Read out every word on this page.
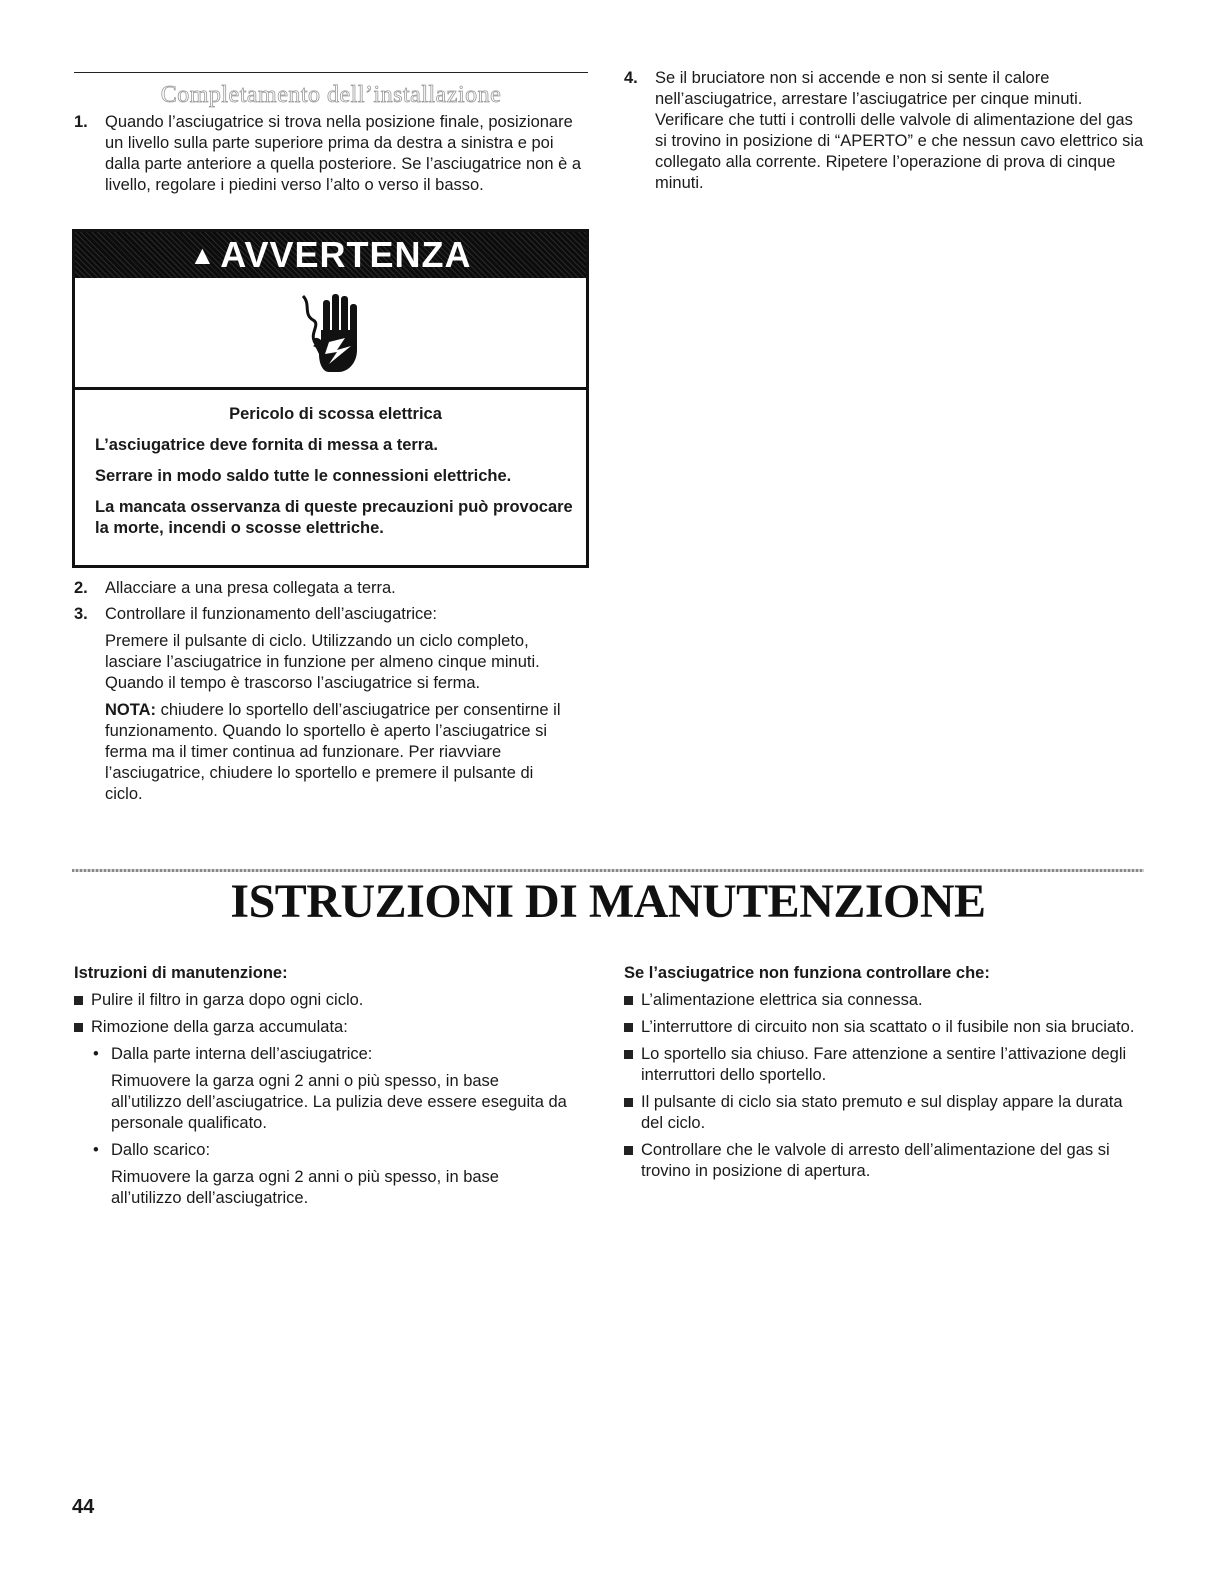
Completamento dell’installazione
1. Quando l’asciugatrice si trova nella posizione finale, posizionare un livello sulla parte superiore prima da destra a sinistra e poi dalla parte anteriore a quella posteriore. Se l’asciugatrice non è a livello, regolare i piedini verso l’alto o verso il basso.

▲ AVVERTENZA

Pericolo di scossa elettrica

L’asciugatrice deve fornita di messa a terra.

Serrare in modo saldo tutte le connessioni elettriche.

La mancata osservanza di queste precauzioni può provocare la morte, incendi o scosse elettriche.

2. Allacciare a una presa collegata a terra.

3. Controllare il funzionamento dell’asciugatrice:

Premere il pulsante di ciclo. Utilizzando un ciclo completo, lasciare l’asciugatrice in funzione per almeno cinque minuti. Quando il tempo è trascorso l’asciugatrice si ferma.

NOTA: chiudere lo sportello dell’asciugatrice per consentirne il funzionamento. Quando lo sportello è aperto l’asciugatrice si ferma ma il timer continua ad funzionare. Per riavviare l’asciugatrice, chiudere lo sportello e premere il pulsante di ciclo.

4. Se il bruciatore non si accende e non si sente il calore nell’asciugatrice, arrestare l’asciugatrice per cinque minuti. Verificare che tutti i controlli delle valvole di alimentazione del gas si trovino in posizione di “APERTO” e che nessun cavo elettrico sia collegato alla corrente. Ripetere l’operazione di prova di cinque minuti.

ISTRUZIONI DI MANUTENZIONE
Istruzioni di manutenzione:
Pulire il filtro in garza dopo ogni ciclo.
Rimozione della garza accumulata:
• Dalla parte interna dell’asciugatrice:

Rimuovere la garza ogni 2 anni o più spesso, in base all’utilizzo dell’asciugatrice. La pulizia deve essere eseguita da personale qualificato.

• Dallo scarico:

Rimuovere la garza ogni 2 anni o più spesso, in base all’utilizzo dell’asciugatrice.

Se l’asciugatrice non funziona controllare che:
L’alimentazione elettrica sia connessa.
L’interruttore di circuito non sia scattato o il fusibile non sia bruciato.
Lo sportello sia chiuso. Fare attenzione a sentire l’attivazione degli interruttori dello sportello.
Il pulsante di ciclo sia stato premuto e sul display appare la durata del ciclo.
Controllare che le valvole di arresto dell’alimentazione del gas si trovino in posizione di apertura.
44
